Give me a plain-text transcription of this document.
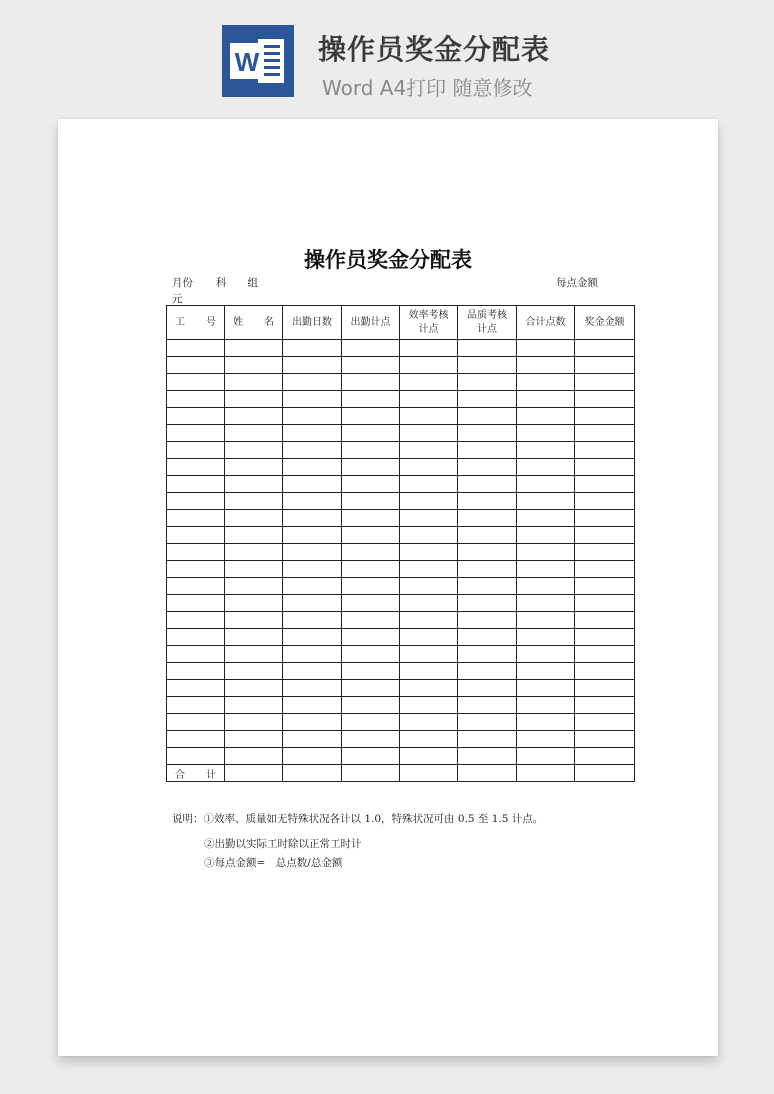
W 操作员奖金分配表
Word A4打印 随意修改
操作员奖金分配表
月份 科　　组	每点金额
元
工　号	姓　名	出勤日数	出勤计点	效率考核计点	品质考核计点	合计点数	奖金金额

合　计							
说明：①效率、质量如无特殊状况各计以 1.0，特殊状况可由 0.5 至 1.5 计点。
②出勤以实际工时除以正常工时计
③每点金额=　总点数/总金额
